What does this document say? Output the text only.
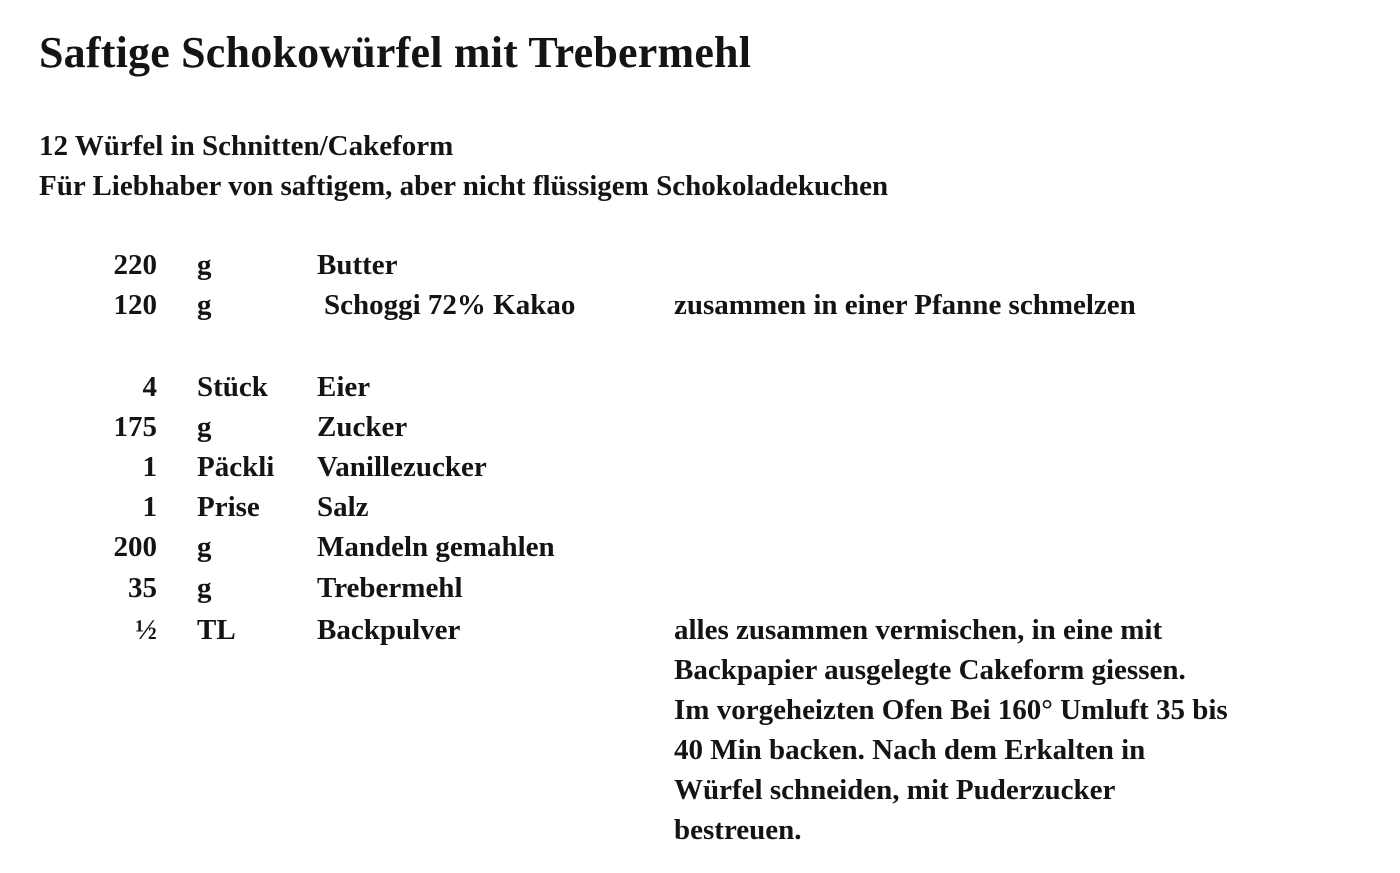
Saftige Schokowürfel mit Trebermehl
12 Würfel in Schnitten/Cakeform
Für Liebhaber von saftigem, aber nicht flüssigem Schokoladekuchen
220 g	Butter
120 g	Schoggi 72% Kakao	zusammen in einer Pfanne schmelzen
4 Stück Eier
175 g	Zucker
1 Päckli Vanillezucker
1 Prise Salz
200 g	Mandeln gemahlen
35 g	Trebermehl
½ TL	Backpulver	alles zusammen vermischen, in eine mit
Backpapier ausgelegte Cakeform giessen.
Im vorgeheizten Ofen Bei 160° Umluft 35 bis
40 Min backen. Nach dem Erkalten in
Würfel schneiden, mit Puderzucker
bestreuen.
